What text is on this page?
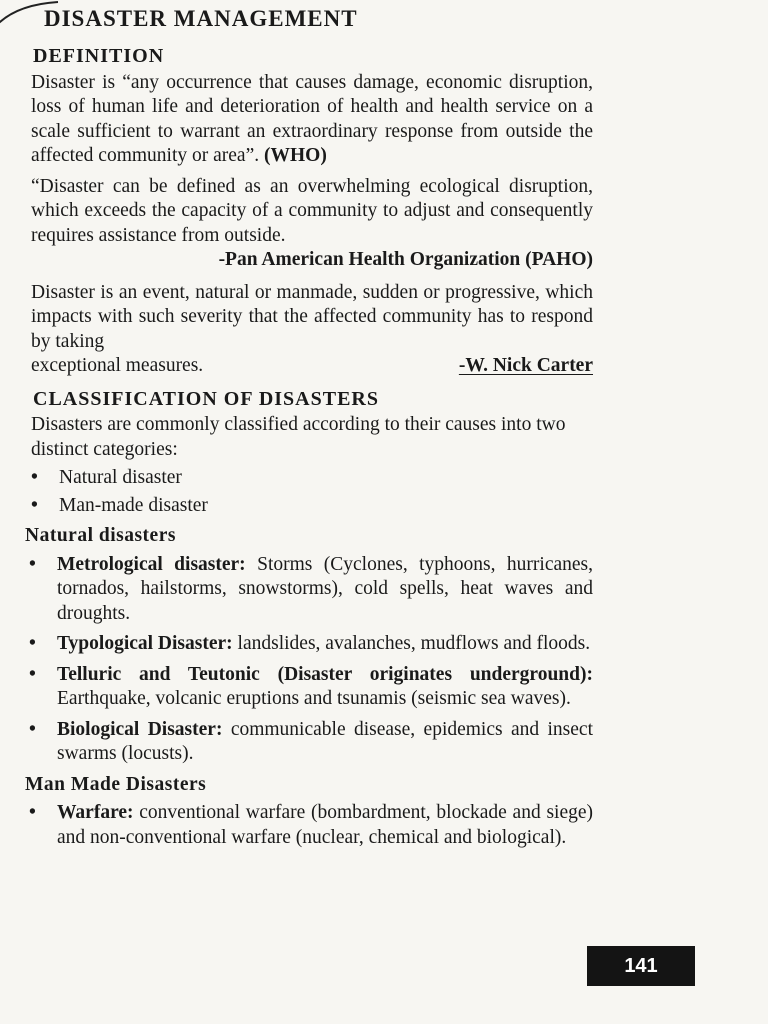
DISASTER MANAGEMENT
DEFINITION

Disaster is “any occurrence that causes damage, economic disruption, loss of human life and deterioration of health and health service on a scale sufficient to warrant an extraordinary response from outside the affected community or area”. (WHO)

“Disaster can be defined as an overwhelming ecological disruption, which exceeds the capacity of a community to adjust and consequently requires assistance from outside.

-Pan American Health Organization (PAHO)

Disaster is an event, natural or manmade, sudden or progressive, which impacts with such severity that the affected community has to respond by taking

exceptional measures.	-W. Nick Carter
CLASSIFICATION OF DISASTERS

Disasters are commonly classified according to their causes into two distinct categories:

• Natural disaster
• Man-made disaster
Natural disasters
• Metrological disaster: Storms (Cyclones, typhoons, hurricanes, tornados, hailstorms, snowstorms), cold spells, heat waves and droughts.
• Typological Disaster: landslides, avalanches, mudflows and floods.
• Telluric and Teutonic (Disaster originates underground): Earthquake, volcanic eruptions and tsunamis (seismic sea waves).
• Biological Disaster: communicable disease, epidemics and insect swarms (locusts).
Man Made Disasters
• Warfare: conventional warfare (bombardment, blockade and siege) and non-conventional warfare (nuclear, chemical and biological).
141
